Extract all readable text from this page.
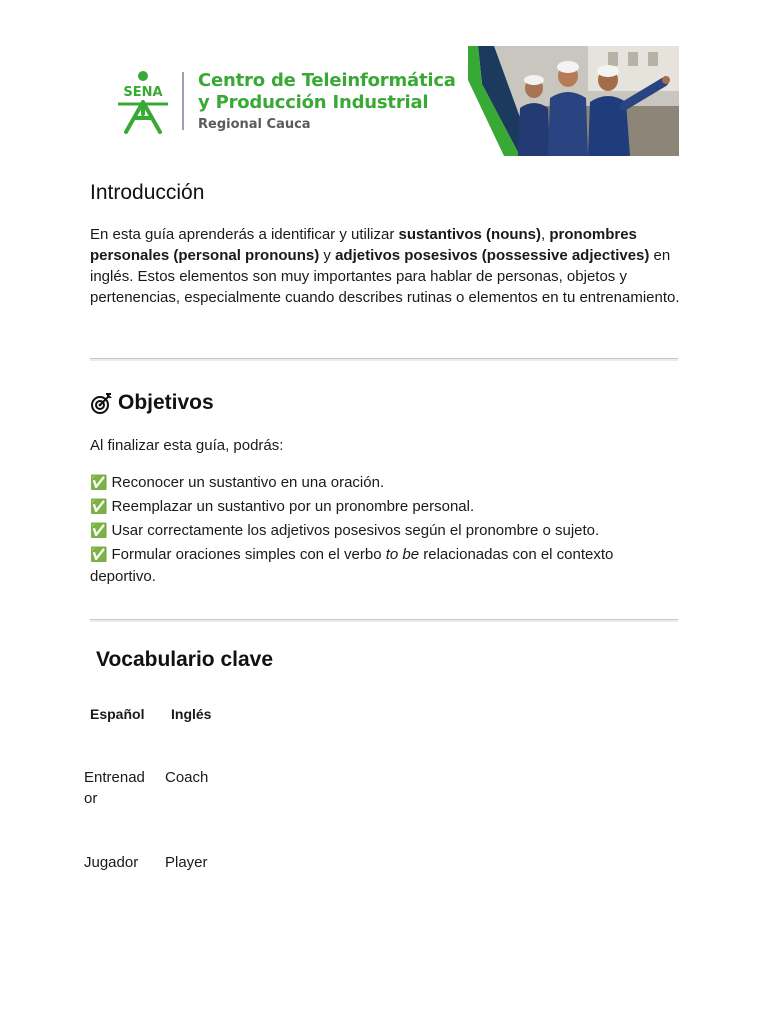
SENA
Centro de Teleinformática
y Producción Industrial
Regional Cauca
Introducción
En esta guía aprenderás a identificar y utilizar sustantivos (nouns), pronombres personales (personal pronouns) y adjetivos posesivos (possessive adjectives) en inglés. Estos elementos son muy importantes para hablar de personas, objetos y pertenencias, especialmente cuando describes rutinas o elementos en tu entrenamiento.
Objetivos
Al finalizar esta guía, podrás:
✅ Reconocer un sustantivo en una oración.
✅ Reemplazar un sustantivo por un pronombre personal.
✅ Usar correctamente los adjetivos posesivos según el pronombre o sujeto.
✅ Formular oraciones simples con el verbo to be relacionadas con el contexto deportivo.
Vocabulario clave
Español Inglés
Entrenador
Coach
Jugador	Player
